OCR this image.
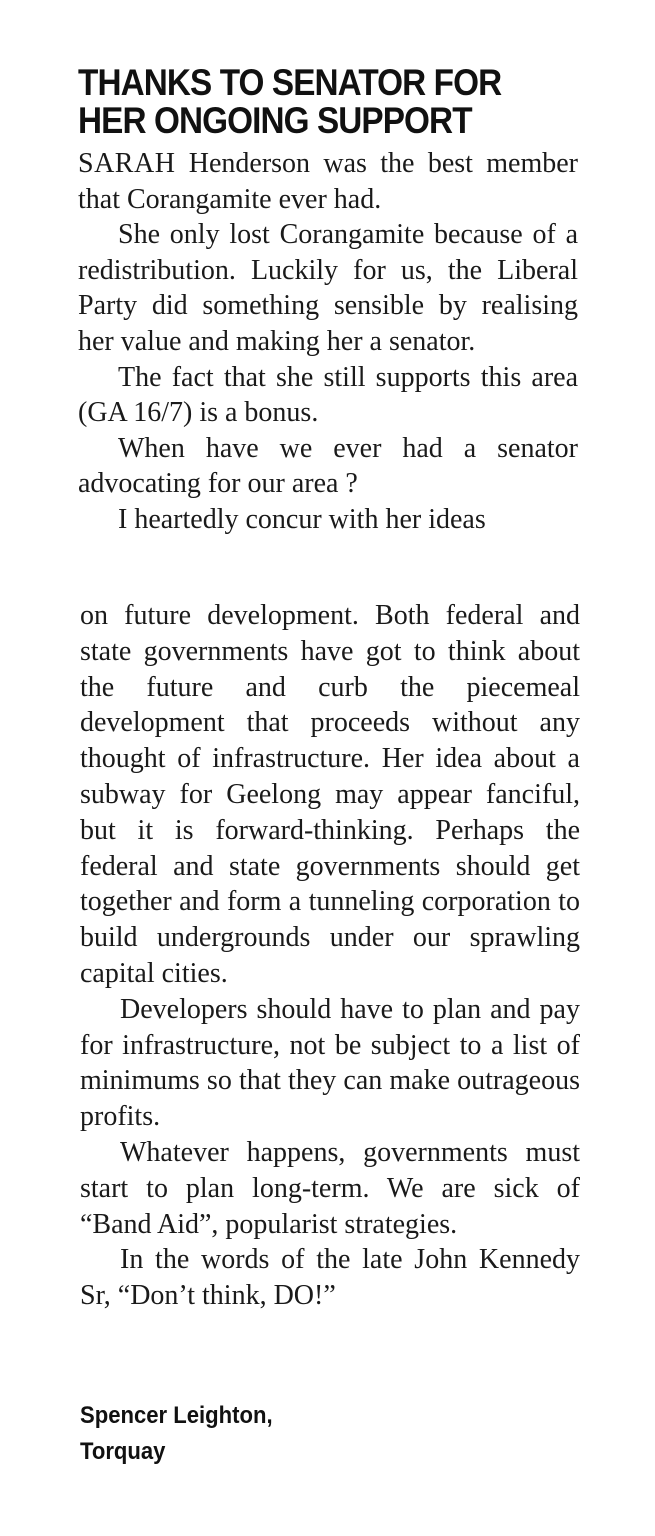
THANKS TO SENATOR FOR
HER ONGOING SUPPORT

SARAH Henderson was the best member that Corangamite ever had.

She only lost Corangamite because of a redistribution. Luckily for us, the Liberal Party did something sensible by realising her value and making her a senator.

The fact that she still supports this area (GA 16/7) is a bonus.

When have we ever had a senator advocating for our area ?

I heartedly concur with her ideas

on future development. Both federal and state governments have got to think about the future and curb the piecemeal development that proceeds without any thought of infrastructure. Her idea about a subway for Geelong may appear fanciful, but it is forward-thinking. Perhaps the federal and state governments should get together and form a tunneling corporation to build undergrounds under our sprawling capital cities.

Developers should have to plan and pay for infrastructure, not be subject to a list of minimums so that they can make outrageous profits.

Whatever happens, governments must start to plan long-term. We are sick of “Band Aid”, popularist strategies.

In the words of the late John Kennedy Sr, “Don’t think, DO!”

Spencer Leighton,
Torquay
